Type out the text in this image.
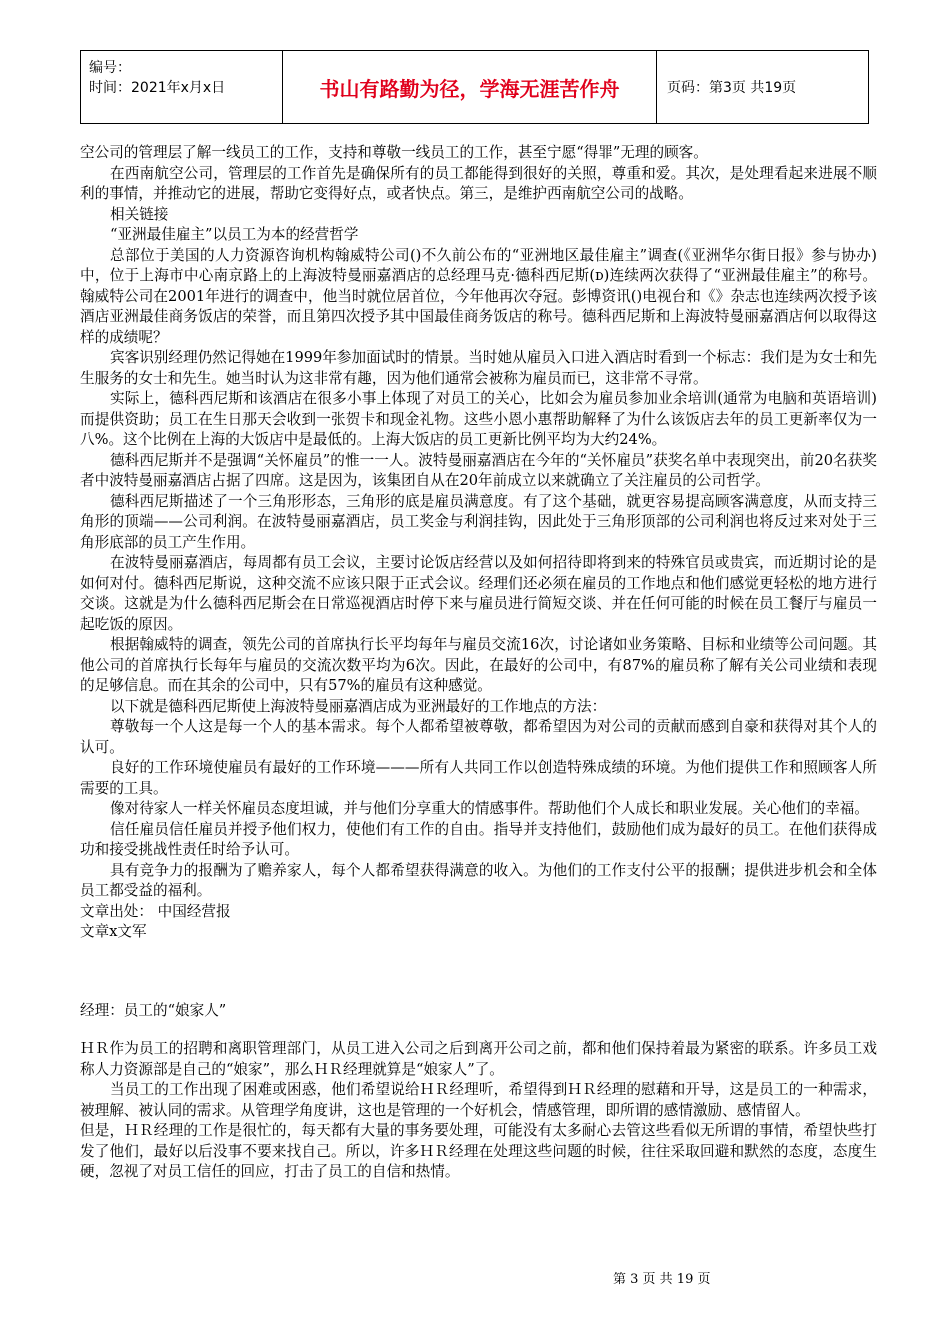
编号：
时间：2021年x月x日	书山有路勤为径，学海无涯苦作舟	页码：第3页 共19页

空公司的管理层了解一线员工的工作，支持和尊敬一线员工的工作，甚至宁愿“得罪”无理的顾客。

在西南航空公司，管理层的工作首先是确保所有的员工都能得到很好的关照，尊重和爱。其次，是处理看起来进展不顺利的事情，并推动它的进展，帮助它变得好点，或者快点。第三，是维护西南航空公司的战略。

相关链接

“亚洲最佳雇主”以员工为本的经营哲学

总部位于美国的人力资源咨询机构翰威特公司()不久前公布的“亚洲地区最佳雇主”调查(《亚洲华尔街日报》参与协办)中，位于上海市中心南京路上的上海波特曼丽嘉酒店的总经理马克·德科西尼斯(ᴅ)连续两次获得了“亚洲最佳雇主”的称号。翰威特公司在2001年进行的调查中，他当时就位居首位，今年他再次夺冠。彭博资讯()电视台和《》杂志也连续两次授予该酒店亚洲最佳商务饭店的荣誉，而且第四次授予其中国最佳商务饭店的称号。德科西尼斯和上海波特曼丽嘉酒店何以取得这样的成绩呢？

宾客识别经理仍然记得她在1999年参加面试时的情景。当时她从雇员入口进入酒店时看到一个标志：我们是为女士和先生服务的女士和先生。她当时认为这非常有趣，因为他们通常会被称为雇员而已，这非常不寻常。

实际上，德科西尼斯和该酒店在很多小事上体现了对员工的关心，比如会为雇员参加业余培训(通常为电脑和英语培训)而提供资助；员工在生日那天会收到一张贺卡和现金礼物。这些小恩小惠帮助解释了为什么该饭店去年的员工更新率仅为一八%。这个比例在上海的大饭店中是最低的。上海大饭店的员工更新比例平均为大约24%。

德科西尼斯并不是强调“关怀雇员”的惟一一人。波特曼丽嘉酒店在今年的“关怀雇员”获奖名单中表现突出，前20名获奖者中波特曼丽嘉酒店占据了四席。这是因为，该集团自从在20年前成立以来就确立了关注雇员的公司哲学。

德科西尼斯描述了一个三角形形态，三角形的底是雇员满意度。有了这个基础，就更容易提高顾客满意度，从而支持三角形的顶端——公司利润。在波特曼丽嘉酒店，员工奖金与利润挂钩，因此处于三角形顶部的公司利润也将反过来对处于三角形底部的员工产生作用。

在波特曼丽嘉酒店，每周都有员工会议，主要讨论饭店经营以及如何招待即将到来的特殊官员或贵宾，而近期讨论的是如何对付。德科西尼斯说，这种交流不应该只限于正式会议。经理们还必须在雇员的工作地点和他们感觉更轻松的地方进行交谈。这就是为什么德科西尼斯会在日常巡视酒店时停下来与雇员进行简短交谈、并在任何可能的时候在员工餐厅与雇员一起吃饭的原因。

根据翰威特的调查，领先公司的首席执行长平均每年与雇员交流16次，讨论诸如业务策略、目标和业绩等公司问题。其他公司的首席执行长每年与雇员的交流次数平均为6次。因此，在最好的公司中，有87%的雇员称了解有关公司业绩和表现的足够信息。而在其余的公司中，只有57%的雇员有这种感觉。

以下就是德科西尼斯使上海波特曼丽嘉酒店成为亚洲最好的工作地点的方法：

尊敬每一个人这是每一个人的基本需求。每个人都希望被尊敬，都希望因为对公司的贡献而感到自豪和获得对其个人的认可。

良好的工作环境使雇员有最好的工作环境———所有人共同工作以创造特殊成绩的环境。为他们提供工作和照顾客人所需要的工具。

像对待家人一样关怀雇员态度坦诚，并与他们分享重大的情感事件。帮助他们个人成长和职业发展。关心他们的幸福。

信任雇员信任雇员并授予他们权力，使他们有工作的自由。指导并支持他们，鼓励他们成为最好的员工。在他们获得成功和接受挑战性责任时给予认可。

具有竞争力的报酬为了赡养家人，每个人都希望获得满意的收入。为他们的工作支付公平的报酬；提供进步机会和全体员工都受益的福利。

文章出处： 中国经营报

文章x文军

经理：员工的“娘家人”

ＨＲ作为员工的招聘和离职管理部门，从员工进入公司之后到离开公司之前，都和他们保持着最为紧密的联系。许多员工戏称人力资源部是自己的“娘家”，那么ＨＲ经理就算是“娘家人”了。

当员工的工作出现了困难或困惑，他们希望说给ＨＲ经理听，希望得到ＨＲ经理的慰藉和开导，这是员工的一种需求，被理解、被认同的需求。从管理学角度讲，这也是管理的一个好机会，情感管理，即所谓的感情激励、感情留人。

但是，ＨＲ经理的工作是很忙的，每天都有大量的事务要处理，可能没有太多耐心去管这些看似无所谓的事情，希望快些打发了他们，最好以后没事不要来找自己。所以，许多ＨＲ经理在处理这些问题的时候，往往采取回避和默然的态度，态度生硬，忽视了对员工信任的回应，打击了员工的自信和热情。

第 3 页 共 19 页
